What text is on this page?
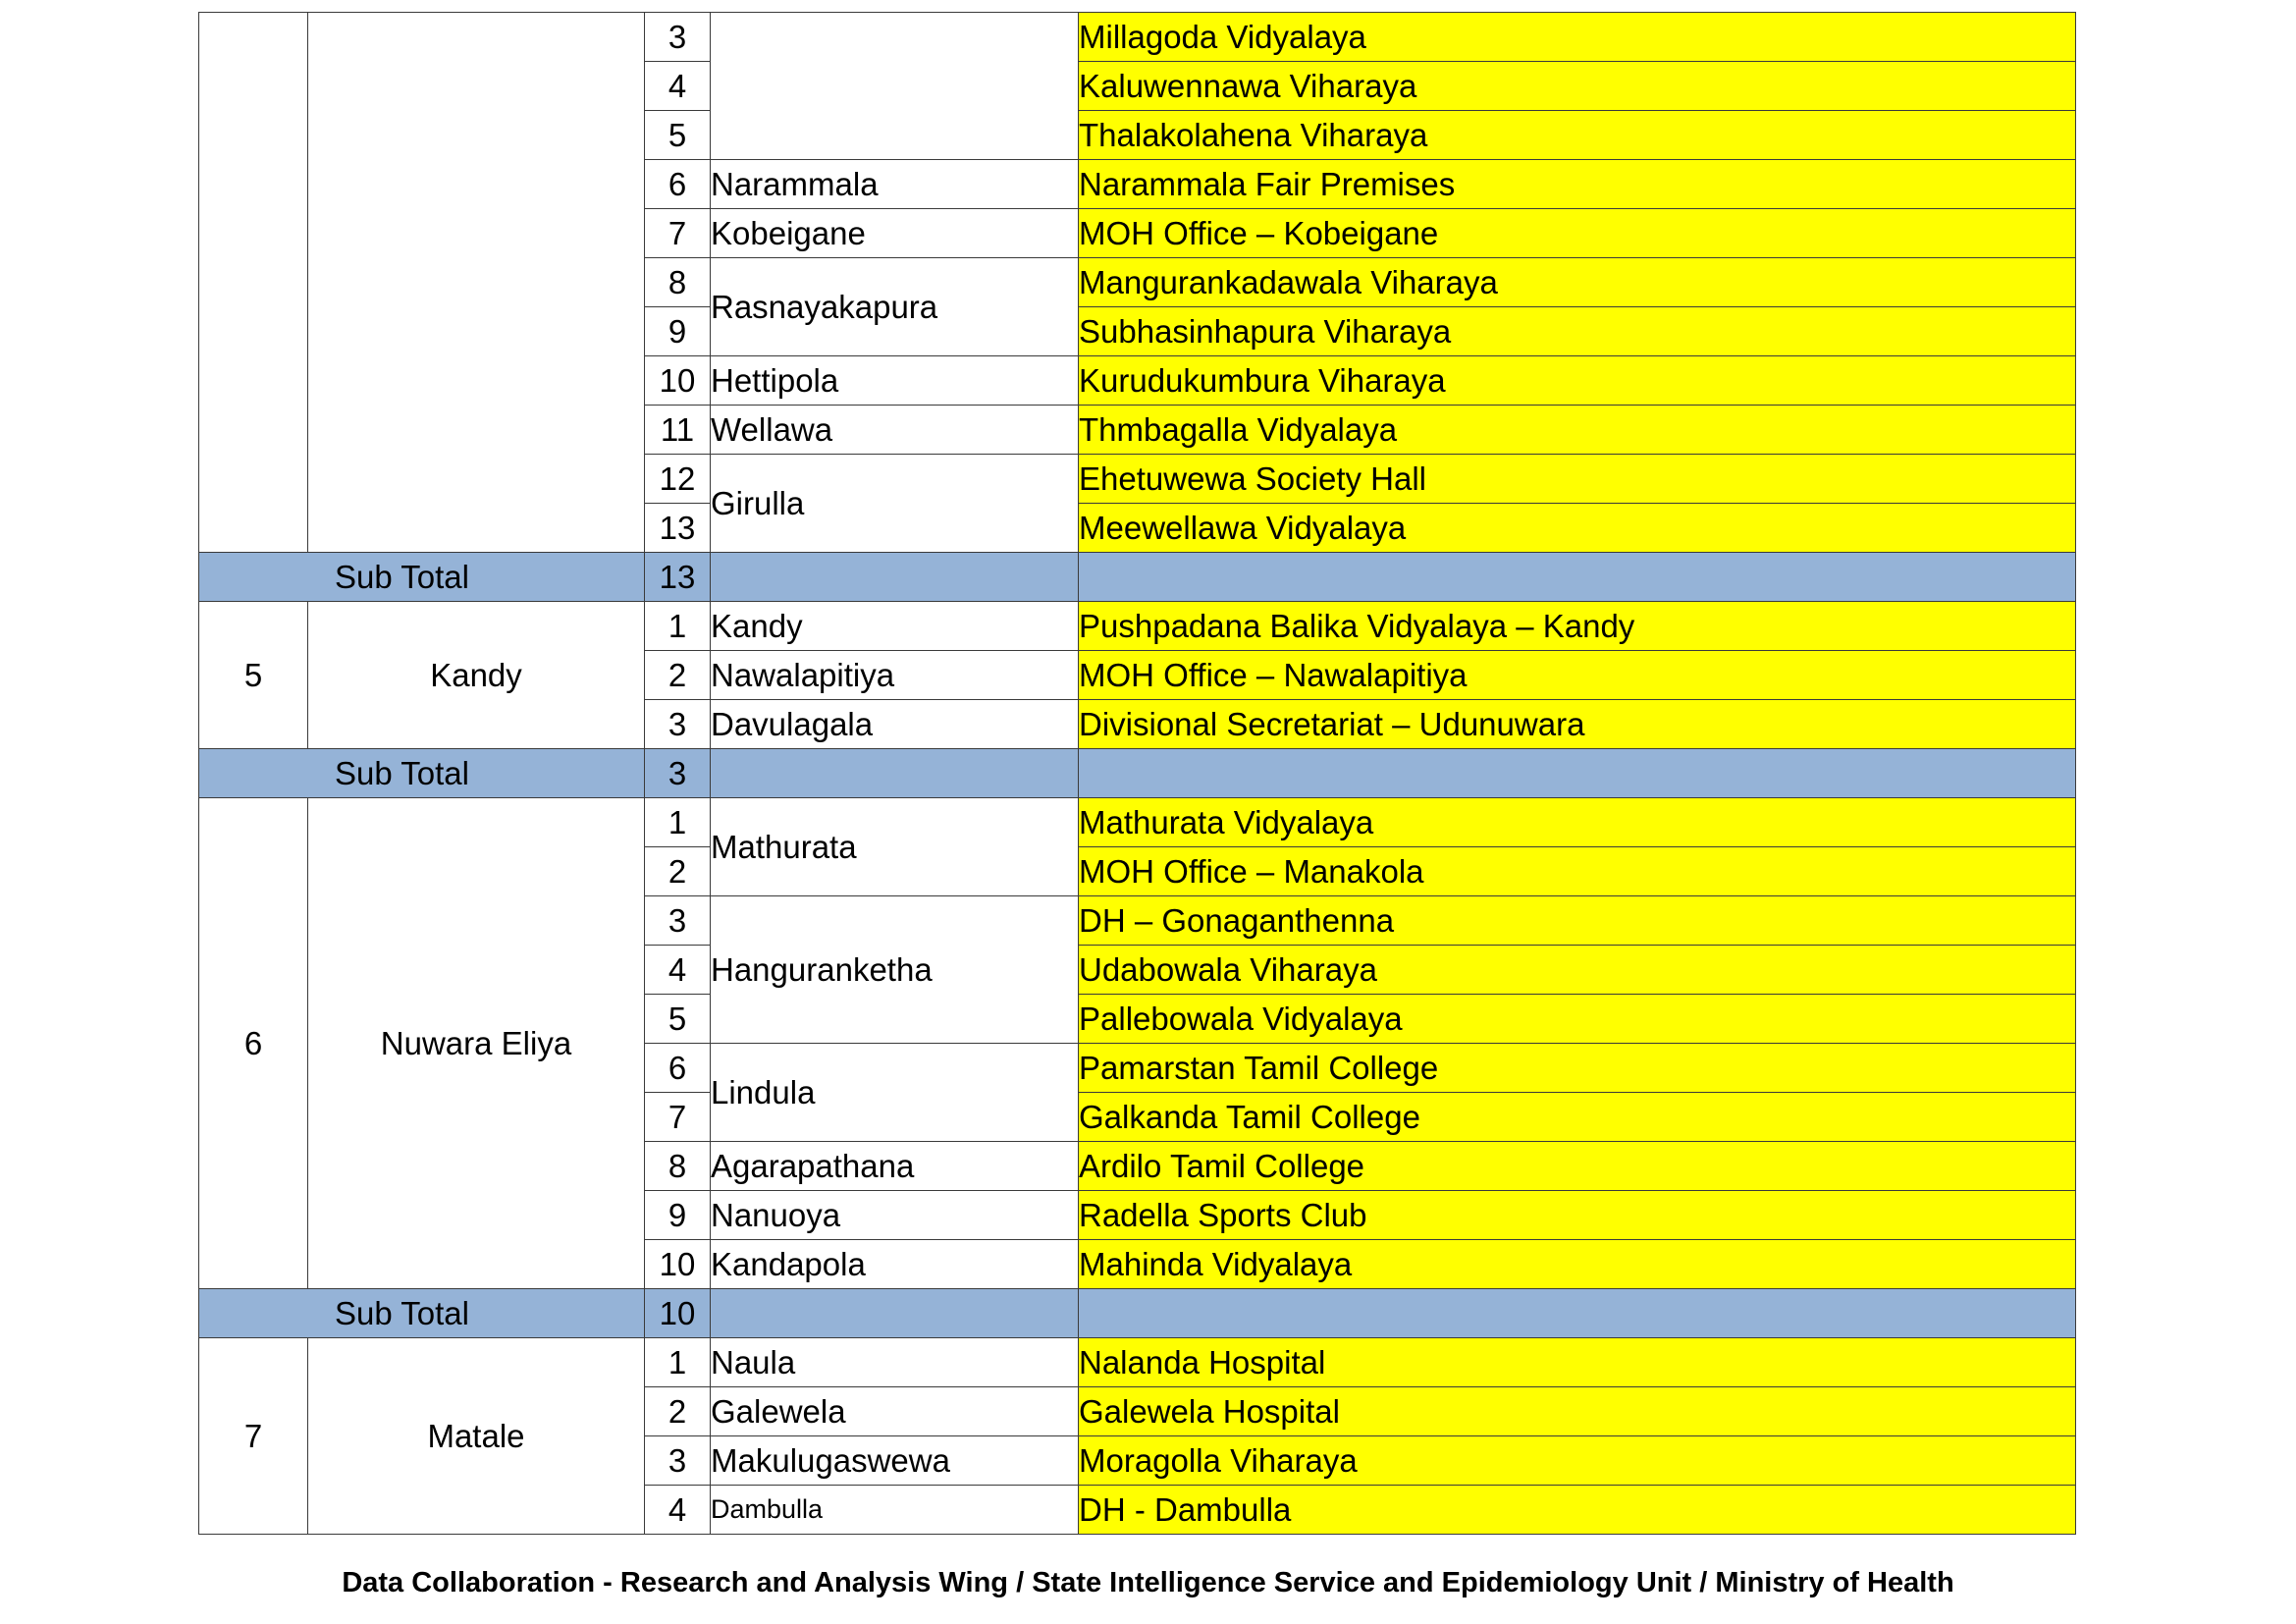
		3		Millagoda Vidyalaya
		4		Kaluwennawa Viharaya
		5		Thalakolahena Viharaya
		6	Narammala	Narammala Fair Premises
		7	Kobeigane	MOH Office – Kobeigane
		8	Rasnayakapura	Mangurankadawala Viharaya
		9		Subhasinhapura Viharaya
		10	Hettipola	Kurudukumbura Viharaya
		11	Wellawa	Thmbagalla Vidyalaya
		12	Girulla	Ehetuwewa Society Hall
		13		Meewellawa Vidyalaya
Sub Total		13		
5	Kandy	1	Kandy	Pushpadana Balika Vidyalaya – Kandy
		2	Nawalapitiya	MOH Office – Nawalapitiya
		3	Davulagala	Divisional Secretariat – Udunuwara
Sub Total		3		
6	Nuwara Eliya	1	Mathurata	Mathurata Vidyalaya
		2		MOH Office – Manakola
		3	Hanguranketha	DH – Gonaganthenna
		4		Udabowala Viharaya
		5		Pallebowala Vidyalaya
		6	Lindula	Pamarstan Tamil College
		7		Galkanda Tamil College
		8	Agarapathana	Ardilo Tamil College
		9	Nanuoya	Radella Sports Club
		10	Kandapola	Mahinda Vidyalaya
Sub Total		10		
7	Matale	1	Naula	Nalanda Hospital
		2	Galewela	Galewela Hospital
		3	Makulugaswewa	Moragolla Viharaya
		4	Dambulla	DH - Dambulla
Data Collaboration - Research and Analysis Wing / State Intelligence Service and Epidemiology Unit / Ministry of Health
